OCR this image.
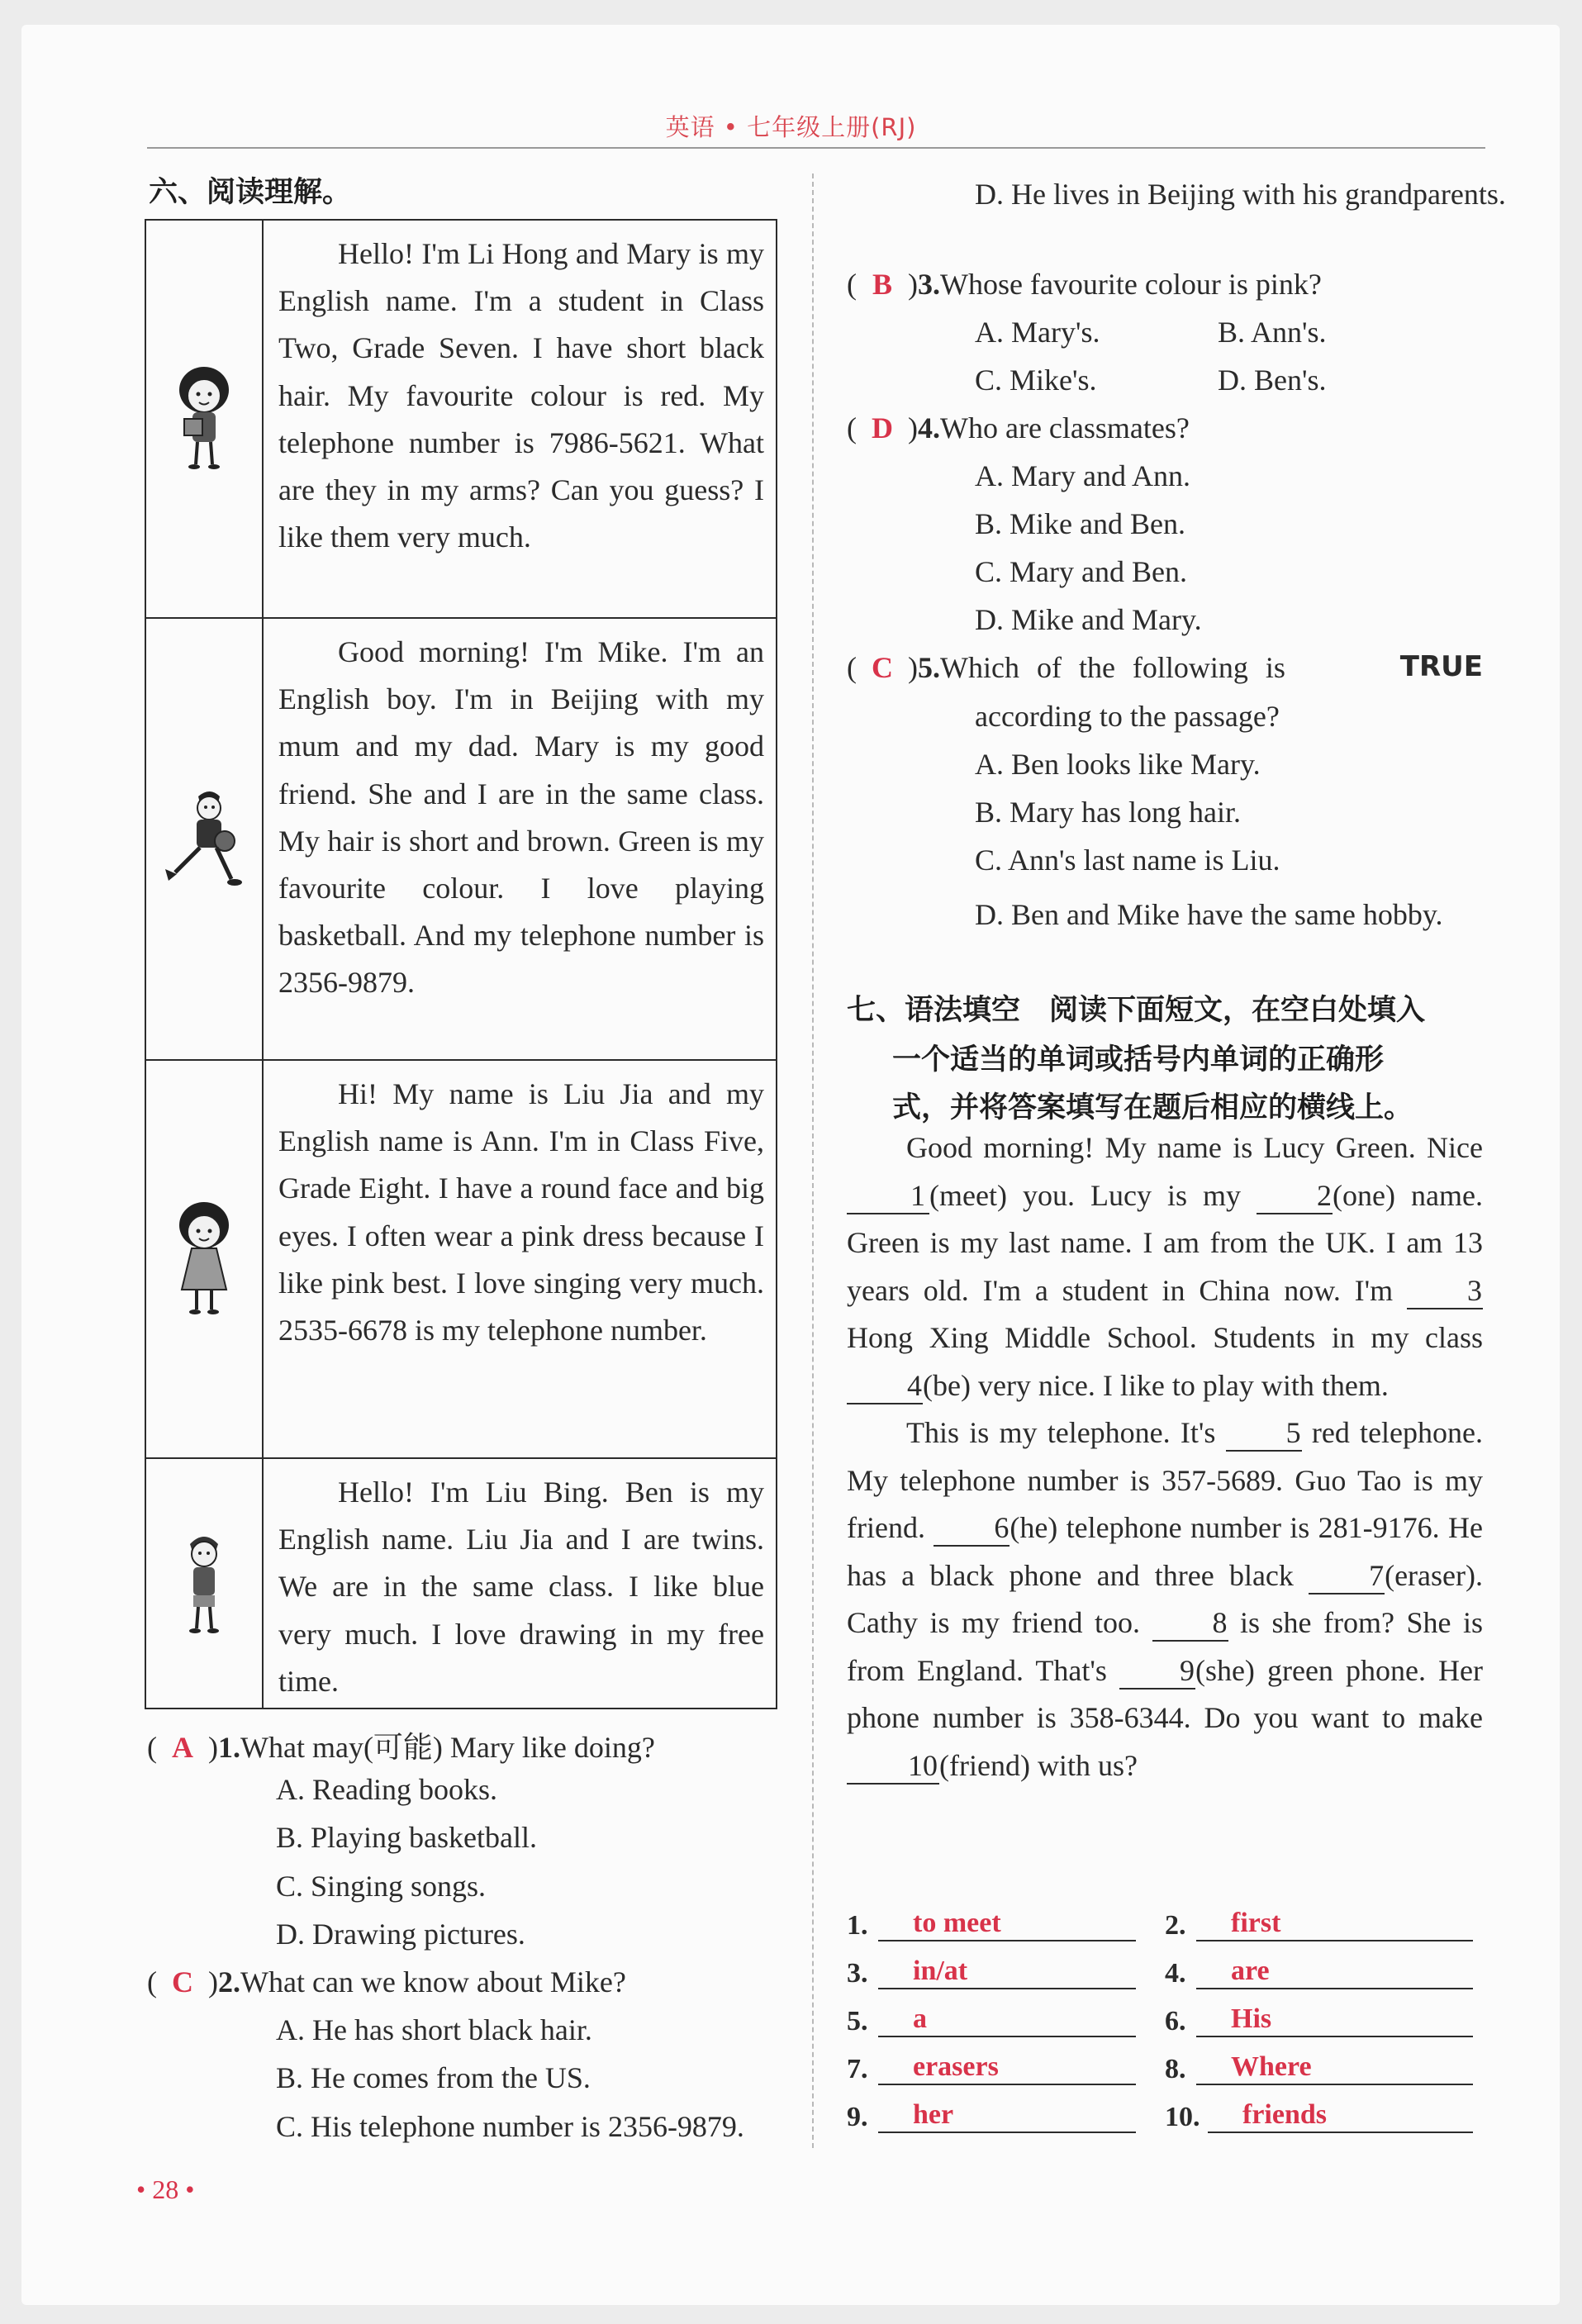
英语 • 七年级上册(RJ)
六、阅读理解。
Hello! I'm Li Hong and Mary is my English name. I'm a student in Class Two, Grade Seven. I have short black hair. My favourite colour is red. My telephone number is 7986-5621. What are they in my arms? Can you guess? I like them very much.
Good morning! I'm Mike. I'm an English boy. I'm in Beijing with my mum and my dad. Mary is my good friend. She and I are in the same class. My hair is short and brown. Green is my favourite colour. I love playing basketball. And my telephone number is 2356-9879.
Hi! My name is Liu Jia and my English name is Ann. I'm in Class Five, Grade Eight. I have a round face and big eyes. I often wear a pink dress because I like pink best. I love singing very much. 2535-6678 is my telephone number.
Hello! I'm Liu Bing. Ben is my English name. Liu Jia and I are twins. We are in the same class. I like blue very much. I love drawing in my free time.
( A )1.What may(可能) Mary like doing?
A. Reading books.
B. Playing basketball.
C. Singing songs.
D. Drawing pictures.
( C )2.What can we know about Mike?
A. He has short black hair.
B. He comes from the US.
C. His telephone number is 2356-9879.
D. He lives in Beijing with his grandparents.
( B )3.Whose favourite colour is pink?
A. Mary's.	B. Ann's.
C. Mike's.	D. Ben's.
( D )4.Who are classmates?
A. Mary and Ann.
B. Mike and Ben.
C. Mary and Ben.
D. Mike and Mary.
( C )5.Which of the following is	TRUE
according to the passage?
A. Ben looks like Mary.
B. Mary has long hair.
C. Ann's last name is Liu.
D. Ben and Mike have the same hobby.
七、语法填空　阅读下面短文，在空白处填入
一个适当的单词或括号内单词的正确形
式，并将答案填写在题后相应的横线上。
Good morning! My name is Lucy Green. Nice 1 (meet) you. Lucy is my 2(one) name. Green is my last name. I am from the UK. I am 13 years old. I'm a student in China now. I'm 3 Hong Xing Middle School. Students in my class 4(be) very nice. I like to play with them.
This is my telephone. It's 5 red telephone. My telephone number is 357-5689. Guo Tao is my friend. 6(he) telephone number is 281-9176. He has a black phone and three black 7(eraser). Cathy is my friend too. 8 is she from? She is from England. That's 9(she) green phone. Her phone number is 358-6344. Do you want to make 10(friend) with us?
1.	to meet	2.	first
3.	in/at	4.	are
5.	a	6.	His
7.	erasers	8.	Where
9.	her	10.	friends
• 28 •
